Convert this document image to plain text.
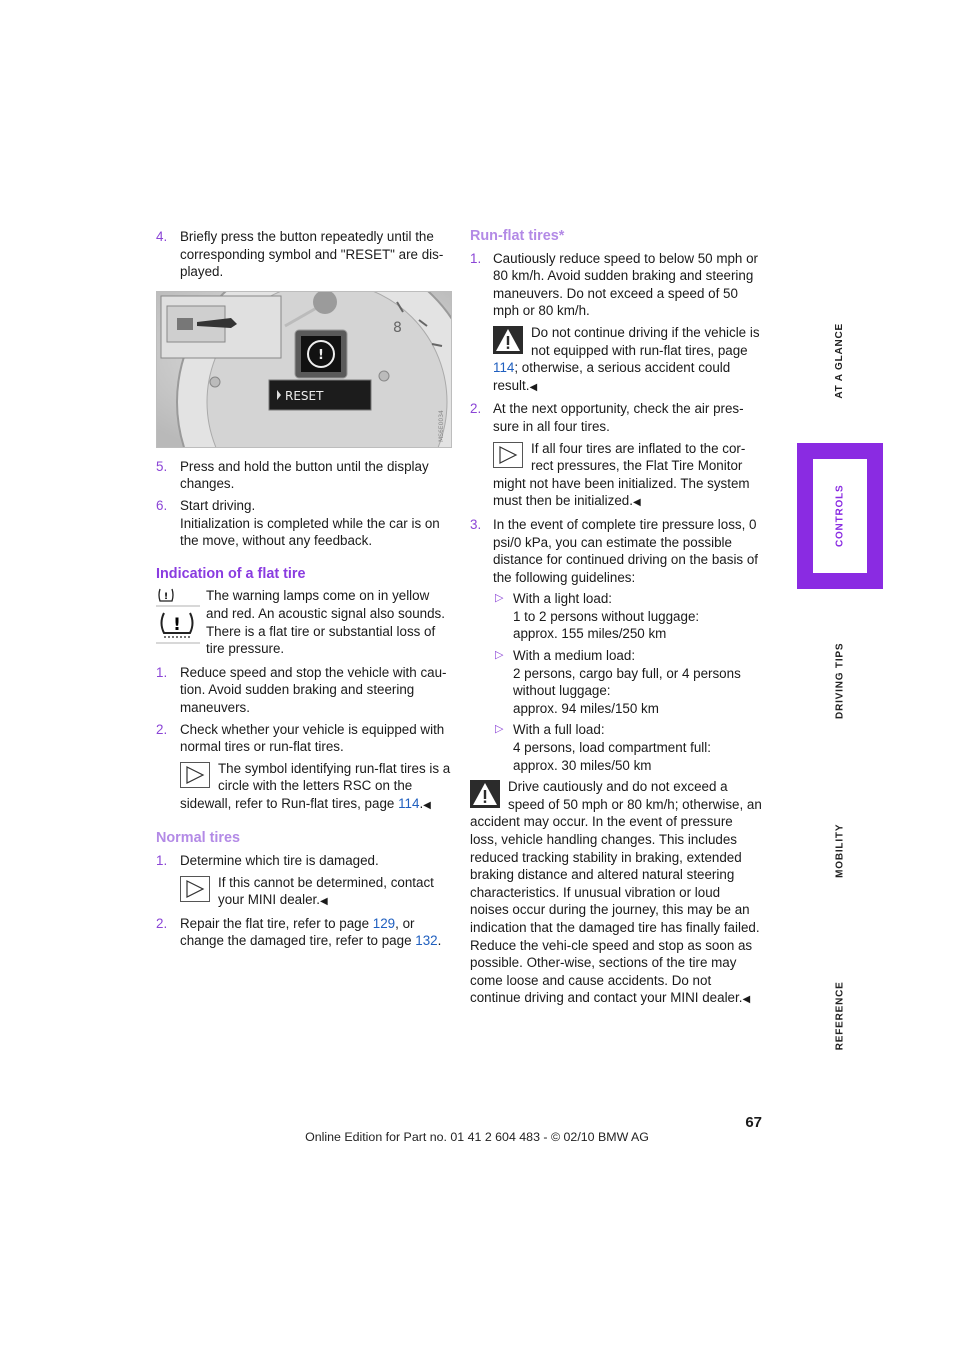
4. Briefly press the button repeatedly until the corresponding symbol and "RESET" are dis-played.
8
!
RESET
MS6E0034
5. Press and hold the button until the display changes.
6. Start driving.
Initialization is completed while the car is on the move, without any feedback.
Indication of a flat tire
!
!
The warning lamps come on in yellow and red. An acoustic signal also sounds. There is a flat tire or substantial loss of tire pressure.
1. Reduce speed and stop the vehicle with cau-tion. Avoid sudden braking and steering maneuvers.
2. Check whether your vehicle is equipped with normal tires or run-flat tires.
The symbol identifying run-flat tires is a circle with the letters RSC on the sidewall, refer to Run-flat tires, page 114.◀
Normal tires
1. Determine which tire is damaged.
If this cannot be determined, contact your MINI dealer.◀
2. Repair the flat tire, refer to page 129, or change the damaged tire, refer to page 132.
Run-flat tires*
1. Cautiously reduce speed to below 50 mph or 80 km/h. Avoid sudden braking and steering maneuvers. Do not exceed a speed of 50 mph or 80 km/h.
Do not continue driving if the vehicle is not equipped with run-flat tires, page 114; otherwise, a serious accident could result.◀
2. At the next opportunity, check the air pres-sure in all four tires.
If all four tires are inflated to the cor-rect pressures, the Flat Tire Monitor might not have been initialized. The system must then be initialized.◀
3. In the event of complete tire pressure loss, 0 psi/0 kPa, you can estimate the possible distance for continued driving on the basis of the following guidelines:
▷ With a light load:
1 to 2 persons without luggage:
approx. 155 miles/250 km
▷ With a medium load:
2 persons, cargo bay full, or 4 persons without luggage:
approx. 94 miles/150 km
▷ With a full load:
4 persons, load compartment full:
approx. 30 miles/50 km
Drive cautiously and do not exceed a speed of 50 mph or 80 km/h; otherwise, an accident may occur. In the event of pressure loss, vehicle handling changes. This includes reduced tracking stability in braking, extended braking distance and altered natural steering characteristics. If unusual vibration or loud noises occur during the journey, this may be an indication that the damaged tire has finally failed. Reduce the vehi-cle speed and stop as soon as possible. Other-wise, sections of the tire may come loose and cause accidents. Do not continue driving and contact your MINI dealer.◀
AT A GLANCE
CONTROLS
DRIVING TIPS
MOBILITY
REFERENCE
67
Online Edition for Part no. 01 41 2 604 483 - © 02/10 BMW AG
